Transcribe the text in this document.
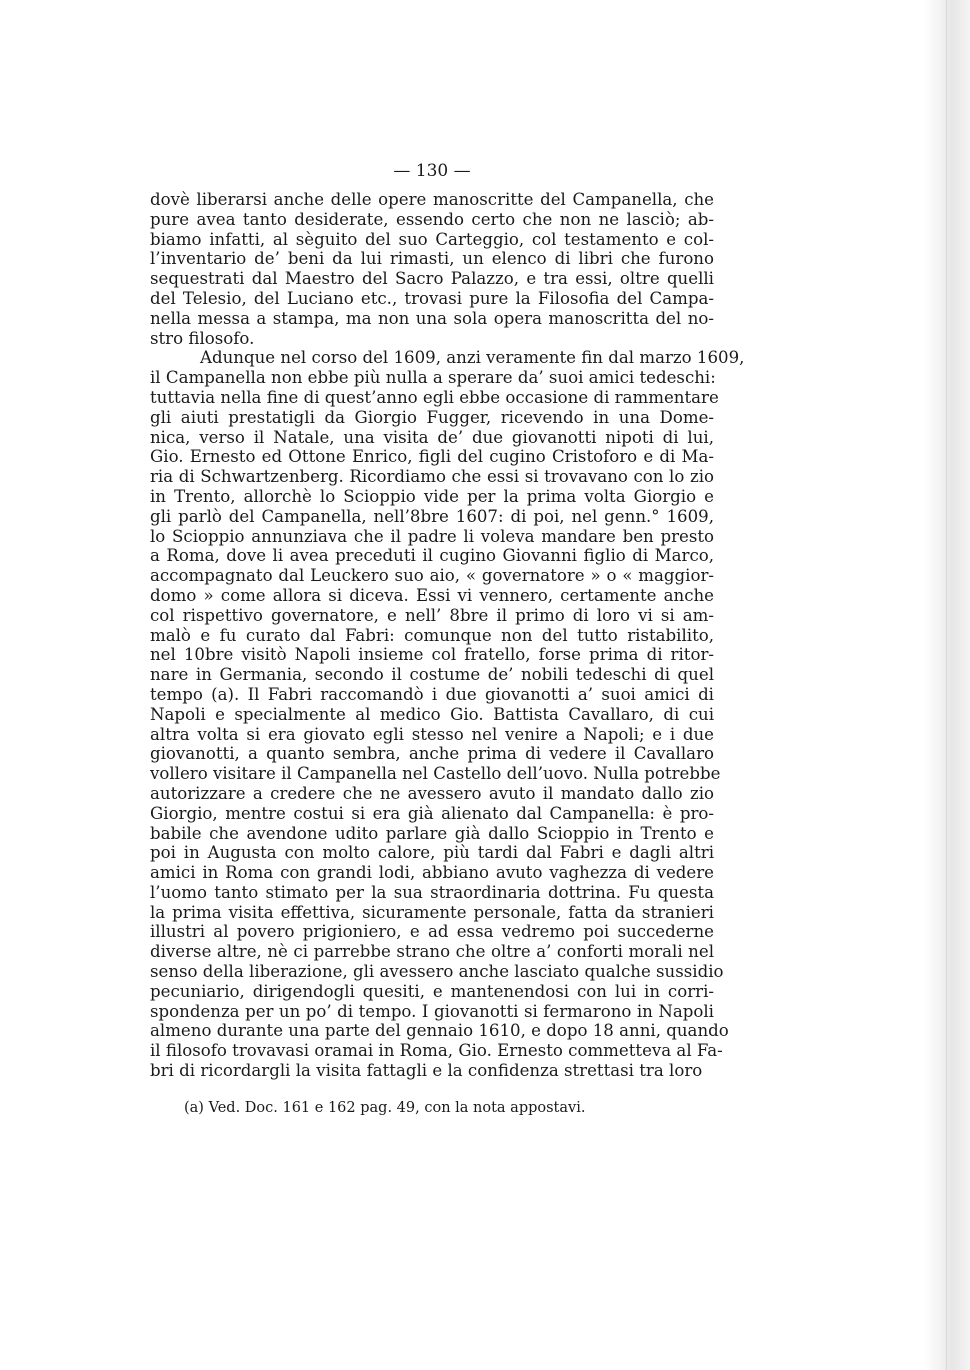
— 130 —
dovè liberarsi anche delle opere manoscritte del Campanella, che
pure avea tanto desiderate, essendo certo che non ne lasciò; ab-
biamo infatti, al sèguito del suo Carteggio, col testamento e col-
l’inventario de’ beni da lui rimasti, un elenco di libri che furono
sequestrati dal Maestro del Sacro Palazzo, e tra essi, oltre quelli
del Telesio, del Luciano etc., trovasi pure la Filosofia del Campa-
nella messa a stampa, ma non una sola opera manoscritta del no-
stro filosofo.
Adunque nel corso del 1609, anzi veramente fin dal marzo 1609,
il Campanella non ebbe più nulla a sperare da’ suoi amici tedeschi:
tuttavia nella fine di quest’anno egli ebbe occasione di rammentare
gli aiuti prestatigli da Giorgio Fugger, ricevendo in una Dome-
nica, verso il Natale, una visita de’ due giovanotti nipoti di lui,
Gio. Ernesto ed Ottone Enrico, figli del cugino Cristoforo e di Ma-
ria di Schwartzenberg. Ricordiamo che essi si trovavano con lo zio
in Trento, allorchè lo Scioppio vide per la prima volta Giorgio e
gli parlò del Campanella, nell’8bre 1607: di poi, nel genn.° 1609,
lo Scioppio annunziava che il padre li voleva mandare ben presto
a Roma, dove li avea preceduti il cugino Giovanni figlio di Marco,
accompagnato dal Leuckero suo aio, « governatore » o « maggior-
domo » come allora si diceva. Essi vi vennero, certamente anche
col rispettivo governatore, e nell’ 8bre il primo di loro vi si am-
malò e fu curato dal Fabri: comunque non del tutto ristabilito,
nel 10bre visitò Napoli insieme col fratello, forse prima di ritor-
nare in Germania, secondo il costume de’ nobili tedeschi di quel
tempo (a). Il Fabri raccomandò i due giovanotti a’ suoi amici di
Napoli e specialmente al medico Gio. Battista Cavallaro, di cui
altra volta si era giovato egli stesso nel venire a Napoli; e i due
giovanotti, a quanto sembra, anche prima di vedere il Cavallaro
vollero visitare il Campanella nel Castello dell’uovo. Nulla potrebbe
autorizzare a credere che ne avessero avuto il mandato dallo zio
Giorgio, mentre costui si era già alienato dal Campanella: è pro-
babile che avendone udito parlare già dallo Scioppio in Trento e
poi in Augusta con molto calore, più tardi dal Fabri e dagli altri
amici in Roma con grandi lodi, abbiano avuto vaghezza di vedere
l’uomo tanto stimato per la sua straordinaria dottrina. Fu questa
la prima visita effettiva, sicuramente personale, fatta da stranieri
illustri al povero prigioniero, e ad essa vedremo poi succederne
diverse altre, nè ci parrebbe strano che oltre a’ conforti morali nel
senso della liberazione, gli avessero anche lasciato qualche sussidio
pecuniario, dirigendogli quesiti, e mantenendosi con lui in corri-
spondenza per un po’ di tempo. I giovanotti si fermarono in Napoli
almeno durante una parte del gennaio 1610, e dopo 18 anni, quando
il filosofo trovavasi oramai in Roma, Gio. Ernesto commetteva al Fa-
bri di ricordargli la visita fattagli e la confidenza strettasi tra loro
(a) Ved. Doc. 161 e 162 pag. 49, con la nota appostavi.
